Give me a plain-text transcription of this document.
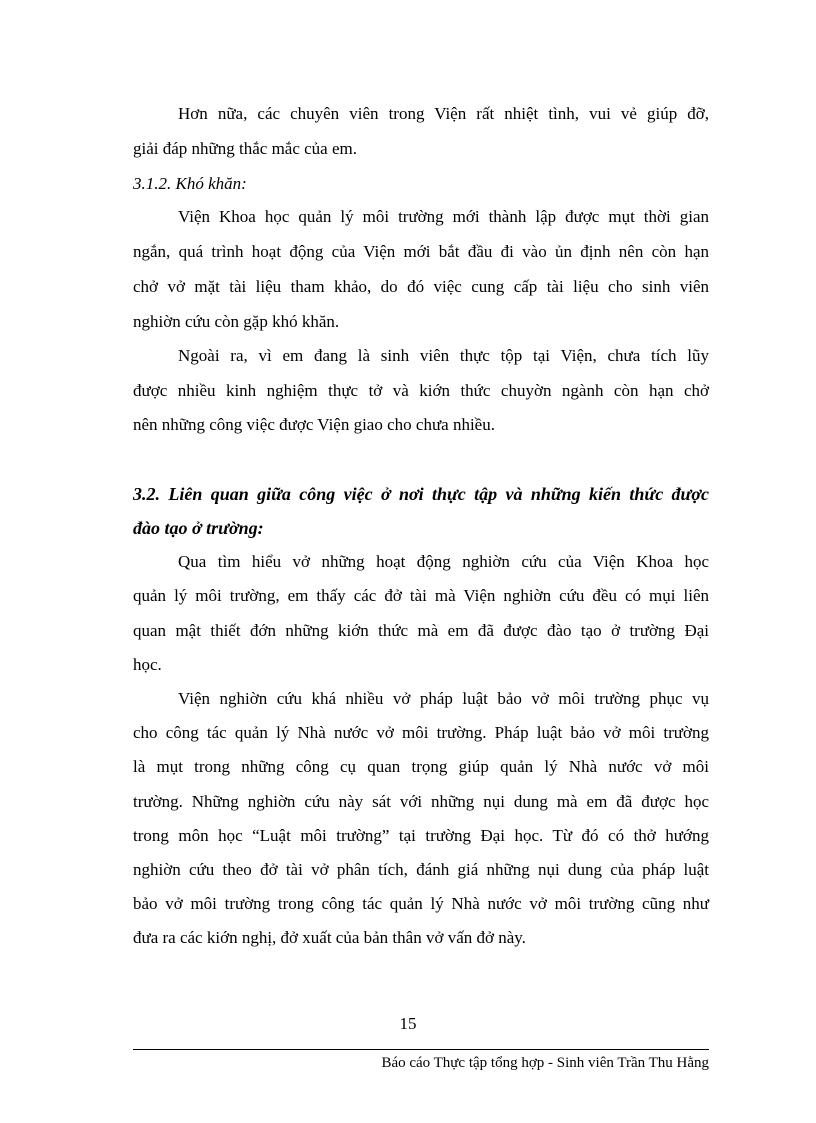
Hơn nữa, các chuyên viên trong Viện rất nhiệt tình, vui vẻ giúp đỡ,
giải đáp những thắc mắc của em.
3.1.2. Khó khăn:
Viện Khoa học quản lý môi trường mới thành lập được mụt thời gian
ngắn, quá trình hoạt động của Viện mới bắt đầu đi vào ủn định nên còn hạn
chở vở mặt tài liệu tham khảo, do đó việc cung cấp tài liệu cho sinh viên
nghiờn cứu còn gặp khó khăn.
Ngoài ra, vì em đang là sinh viên thực tộp tại Viện, chưa tích lũy
được nhiều kinh nghiệm thực tở và kiớn thức chuyờn ngành còn hạn chở
nên những công việc được Viện giao cho chưa nhiều.
3.2. Liên quan giữa công việc ở nơi thực tập và những kiến thức được
đào tạo ở trường:
Qua tìm hiểu vở những hoạt động nghiờn cứu của Viện Khoa học
quản lý môi trường, em thấy các đở tài mà Viện nghiờn cứu đều có mụi liên
quan mật thiết đớn những kiớn thức mà em đã được đào tạo ở trường Đại
học.
Viện nghiờn cứu khá nhiều vở pháp luật bảo vở môi trường phục vụ
cho công tác quản lý Nhà nước vở môi trường. Pháp luật bảo vở môi trường
là mụt trong những công cụ quan trọng giúp quản lý Nhà nước vở môi
trường. Những nghiờn cứu này sát với những nụi dung mà em đã được học
trong môn học “Luật môi trường” tại trường Đại học. Từ đó có thở hướng
nghiờn cứu theo đở tài vở phân tích, đánh giá những nụi dung của pháp luật
bảo vở môi trường trong công tác quản lý Nhà nước vở môi trường cũng như
đưa ra các kiớn nghị, đở xuất của bản thân vở vấn đở này.
15
Báo cáo Thực tập tổng hợp - Sinh viên Trần Thu Hằng
